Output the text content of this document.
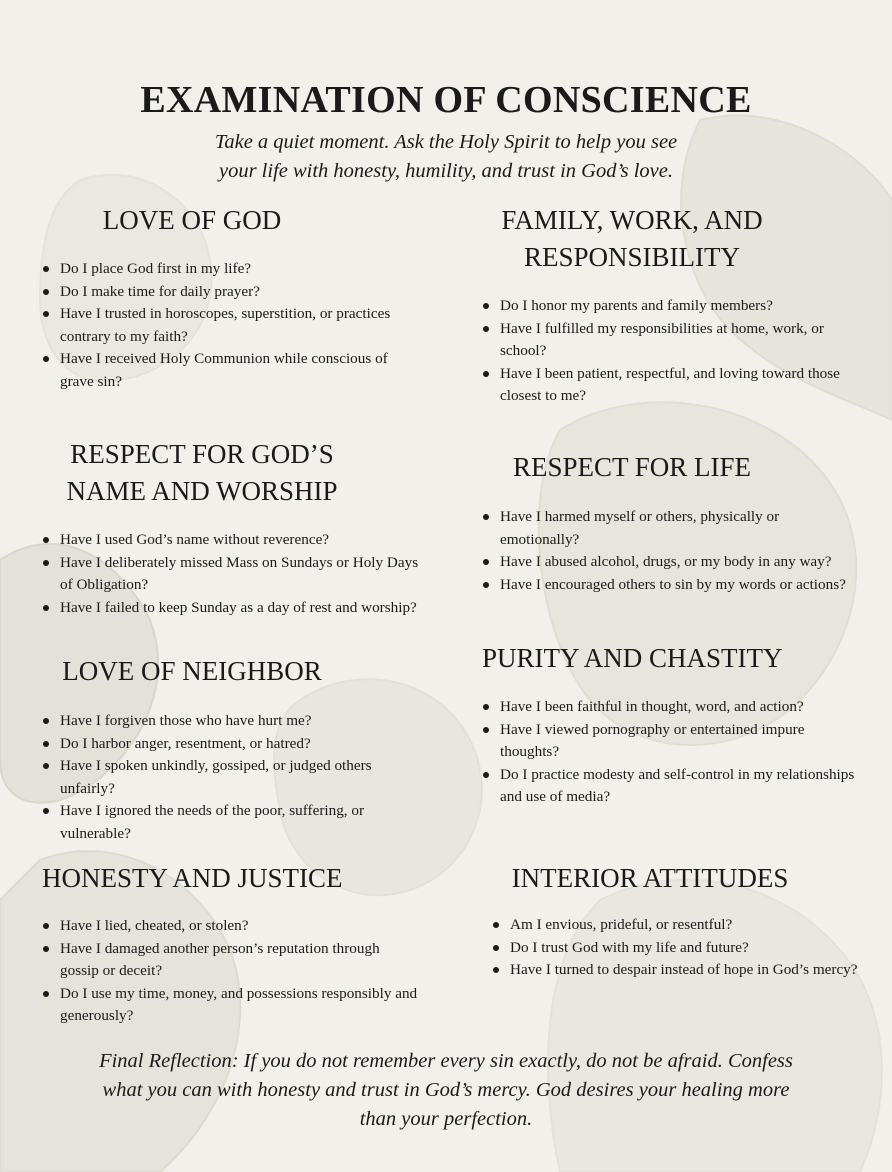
EXAMINATION OF CONSCIENCE
Take a quiet moment. Ask the Holy Spirit to help you see
your life with honesty, humility, and trust in God’s love.
LOVE OF GOD
Do I place God first in my life?
Do I make time for daily prayer?
Have I trusted in horoscopes, superstition, or practices
contrary to my faith?
Have I received Holy Communion while conscious of
grave sin?
RESPECT FOR GOD’S
NAME AND WORSHIP
Have I used God’s name without reverence?
Have I deliberately missed Mass on Sundays or Holy Days
of Obligation?
Have I failed to keep Sunday as a day of rest and worship?
LOVE OF NEIGHBOR
Have I forgiven those who have hurt me?
Do I harbor anger, resentment, or hatred?
Have I spoken unkindly, gossiped, or judged others
unfairly?
Have I ignored the needs of the poor, suffering, or
vulnerable?
HONESTY AND JUSTICE
Have I lied, cheated, or stolen?
Have I damaged another person’s reputation through
gossip or deceit?
Do I use my time, money, and possessions responsibly and
generously?
FAMILY, WORK, AND
RESPONSIBILITY
Do I honor my parents and family members?
Have I fulfilled my responsibilities at home, work, or
school?
Have I been patient, respectful, and loving toward those
closest to me?
RESPECT FOR LIFE
Have I harmed myself or others, physically or
emotionally?
Have I abused alcohol, drugs, or my body in any way?
Have I encouraged others to sin by my words or actions?
PURITY AND CHASTITY
Have I been faithful in thought, word, and action?
Have I viewed pornography or entertained impure
thoughts?
Do I practice modesty and self-control in my relationships
and use of media?
INTERIOR ATTITUDES
Am I envious, prideful, or resentful?
Do I trust God with my life and future?
Have I turned to despair instead of hope in God’s mercy?
Final Reflection: If you do not remember every sin exactly, do not be afraid. Confess
what you can with honesty and trust in God’s mercy. God desires your healing more
than your perfection.
